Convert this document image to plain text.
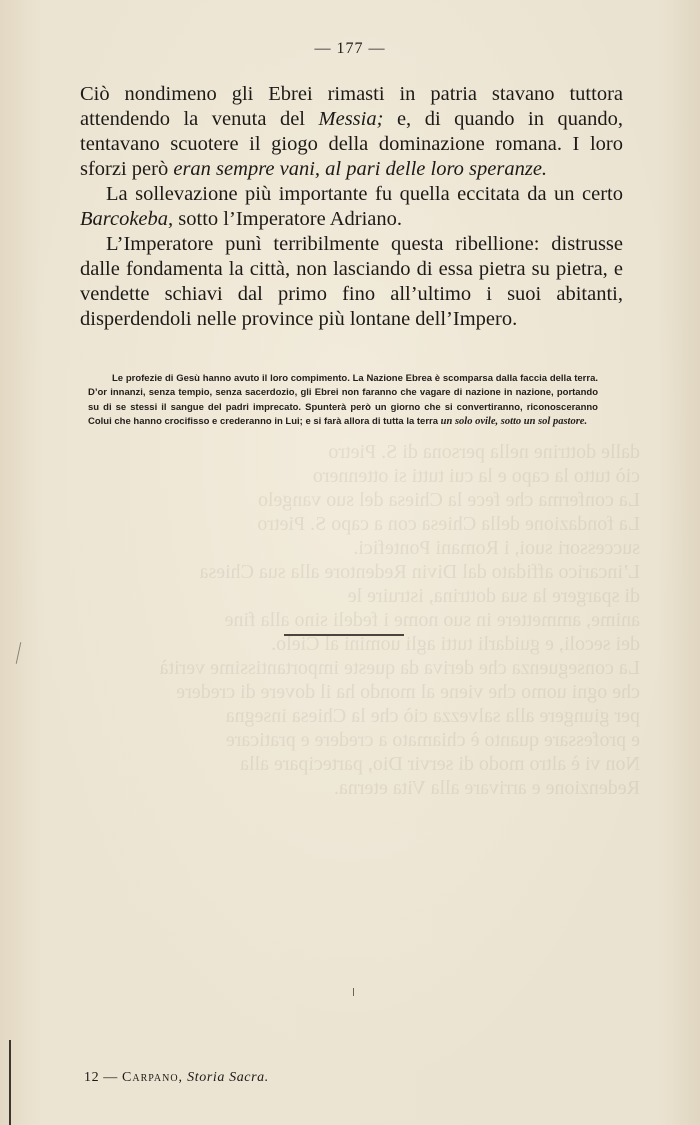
dalle dottrine nella persona di S. Pietro
ciò tutto la capo e la cui tutti si ottennero
La conferma che fece la Chiesa del suo vangelo
La fondazione della Chiesa con a capo S. Pietro
successori suoi, i Romani Pontefici.
L’incarico affidato dal Divin Redentore alla sua Chiesa
di spargere la sua dottrina, istruire le
anime, ammettere in suo nome i fedeli sino alla fine
dei secoli, e guidarli tutti agli uomini al Cielo.
La conseguenza che deriva da queste importantissime verità
che ogni uomo che viene al mondo ha il dovere di credere
per giungere alla salvezza ciò che la Chiesa insegna
e professare quanto è chiamato a credere e praticare
Non vi è altro modo di servir Dio, partecipare alla
Redenzione e arrivare alla Vita eterna.
— 177 —

Ciò nondimeno gli Ebrei rimasti in patria stavano tuttora attendendo la venuta del Messia; e, di quando in quando, tentavano scuotere il giogo della dominazione romana. I loro sforzi però eran sempre vani, al pari delle loro speranze.

La sollevazione più importante fu quella eccitata da un certo Barcokeba, sotto l’Imperatore Adriano.

L’Imperatore punì terribilmente questa ribellione: distrusse dalle fondamenta la città, non lasciando di essa pietra su pietra, e vendette schiavi dal primo fino all’ultimo i suoi abitanti, disperdendoli nelle province più lontane dell’Impero.

Le profezie di Gesù hanno avuto il loro compimento. La Nazione Ebrea è scomparsa dalla faccia della terra. D’or innanzi, senza tempio, senza sacerdozio, gli Ebrei non faranno che vagare di nazione in nazione, portando su di se stessi il sangue del padri imprecato. Spunterà però un giorno che si convertiranno, riconosceranno Colui che hanno crocifisso e crederanno in Lui; e si farà allora di tutta la terra un solo ovile, sotto un sol pastore.
12 — Carpano, Storia Sacra.
